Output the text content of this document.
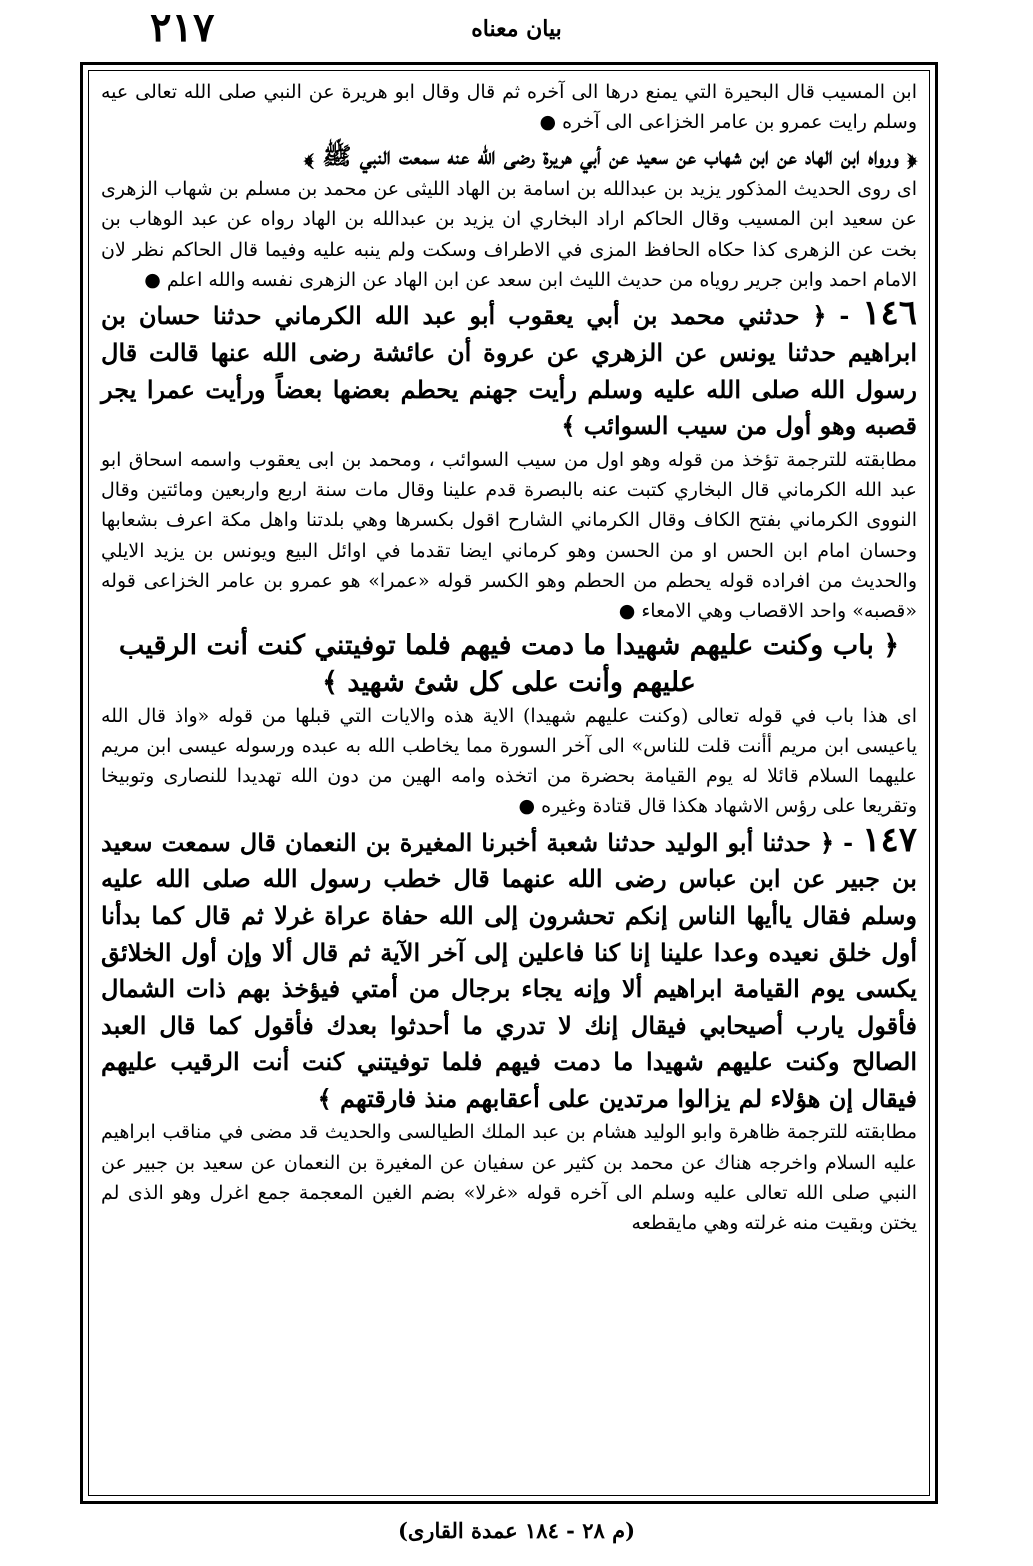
٢١٧	بيان معناه

ابن المسيب قال البحيرة التي يمنع درها الى آخره ثم قال وقال ابو هريرة عن النبي صلى الله تعالى عيه وسلم رايت عمرو بن عامر الخزاعى الى آخره ●

﴿ ورواه ابن الهاد عن ابن شهاب عن سعيد عن أبي هريرة رضى الله عنه سمعت النبي ﷺ ﴾

اى روى الحديث المذكور يزيد بن عبدالله بن اسامة بن الهاد الليثى عن محمد بن مسلم بن شهاب الزهرى عن سعيد ابن المسيب وقال الحاكم اراد البخاري ان يزيد بن عبدالله بن الهاد رواه عن عبد الوهاب بن بخت عن الزهرى كذا حكاه الحافظ المزى في الاطراف وسكت ولم ينبه عليه وفيما قال الحاكم نظر لان الامام احمد وابن جرير روياه من حديث الليث ابن سعد عن ابن الهاد عن الزهرى نفسه والله اعلم ●

١٤٦ - ﴿ حدثني محمد بن أبي يعقوب أبو عبد الله الكرماني حدثنا حسان بن ابراهيم حدثنا يونس عن الزهري عن عروة أن عائشة رضى الله عنها قالت قال رسول الله صلى الله عليه وسلم رأيت جهنم يحطم بعضها بعضاً ورأيت عمرا يجر قصبه وهو أول من سيب السوائب ﴾

مطابقته للترجمة تؤخذ من قوله وهو اول من سيب السوائب ، ومحمد بن ابى يعقوب واسمه اسحاق ابو عبد الله الكرماني قال البخاري كتبت عنه بالبصرة قدم علينا وقال مات سنة اربع واربعين ومائتين وقال النووى الكرماني بفتح الكاف وقال الكرماني الشارح اقول بكسرها وهي بلدتنا واهل مكة اعرف بشعابها وحسان امام ابن الحس او من الحسن وهو كرماني ايضا تقدما في اوائل البيع ويونس بن يزيد الايلي والحديث من افراده قوله يحطم من الحطم وهو الكسر قوله «عمرا» هو عمرو بن عامر الخزاعى قوله «قصبه» واحد الاقصاب وهي الامعاء ●

﴿ باب وكنت عليهم شهيدا ما دمت فيهم فلما توفيتني كنت أنت الرقيب عليهم وأنت على كل شئ شهيد ﴾

اى هذا باب في قوله تعالى (وكنت عليهم شهيدا) الاية هذه والايات التي قبلها من قوله «واذ قال الله ياعيسى ابن مريم أأنت قلت للناس» الى آخر السورة مما يخاطب الله به عبده ورسوله عيسى ابن مريم عليهما السلام قائلا له يوم القيامة بحضرة من اتخذه وامه الهين من دون الله تهديدا للنصارى وتوبيخا وتقريعا على رؤس الاشهاد هكذا قال قتادة وغيره ●

١٤٧ - ﴿ حدثنا أبو الوليد حدثنا شعبة أخبرنا المغيرة بن النعمان قال سمعت سعيد بن جبير عن ابن عباس رضى الله عنهما قال خطب رسول الله صلى الله عليه وسلم فقال ياأيها الناس إنكم تحشرون إلى الله حفاة عراة غرلا ثم قال كما بدأنا أول خلق نعيده وعدا علينا إنا كنا فاعلين إلى آخر الآية ثم قال ألا وإن أول الخلائق يكسى يوم القيامة ابراهيم ألا وإنه يجاء برجال من أمتي فيؤخذ بهم ذات الشمال فأقول يارب أصيحابي فيقال إنك لا تدري ما أحدثوا بعدك فأقول كما قال العبد الصالح وكنت عليهم شهيدا ما دمت فيهم فلما توفيتني كنت أنت الرقيب عليهم فيقال إن هؤلاء لم يزالوا مرتدين على أعقابهم منذ فارقتهم ﴾

مطابقته للترجمة ظاهرة وابو الوليد هشام بن عبد الملك الطيالسى والحديث قد مضى في مناقب ابراهيم عليه السلام واخرجه هناك عن محمد بن كثير عن سفيان عن المغيرة بن النعمان عن سعيد بن جبير عن النبي صلى الله تعالى عليه وسلم الى آخره قوله «غرلا» بضم الغين المعجمة جمع اغرل وهو الذى لم يختن وبقيت منه غرلته وهي مايقطعه

(م ٢٨ - ١٨٤ عمدة القارى)
